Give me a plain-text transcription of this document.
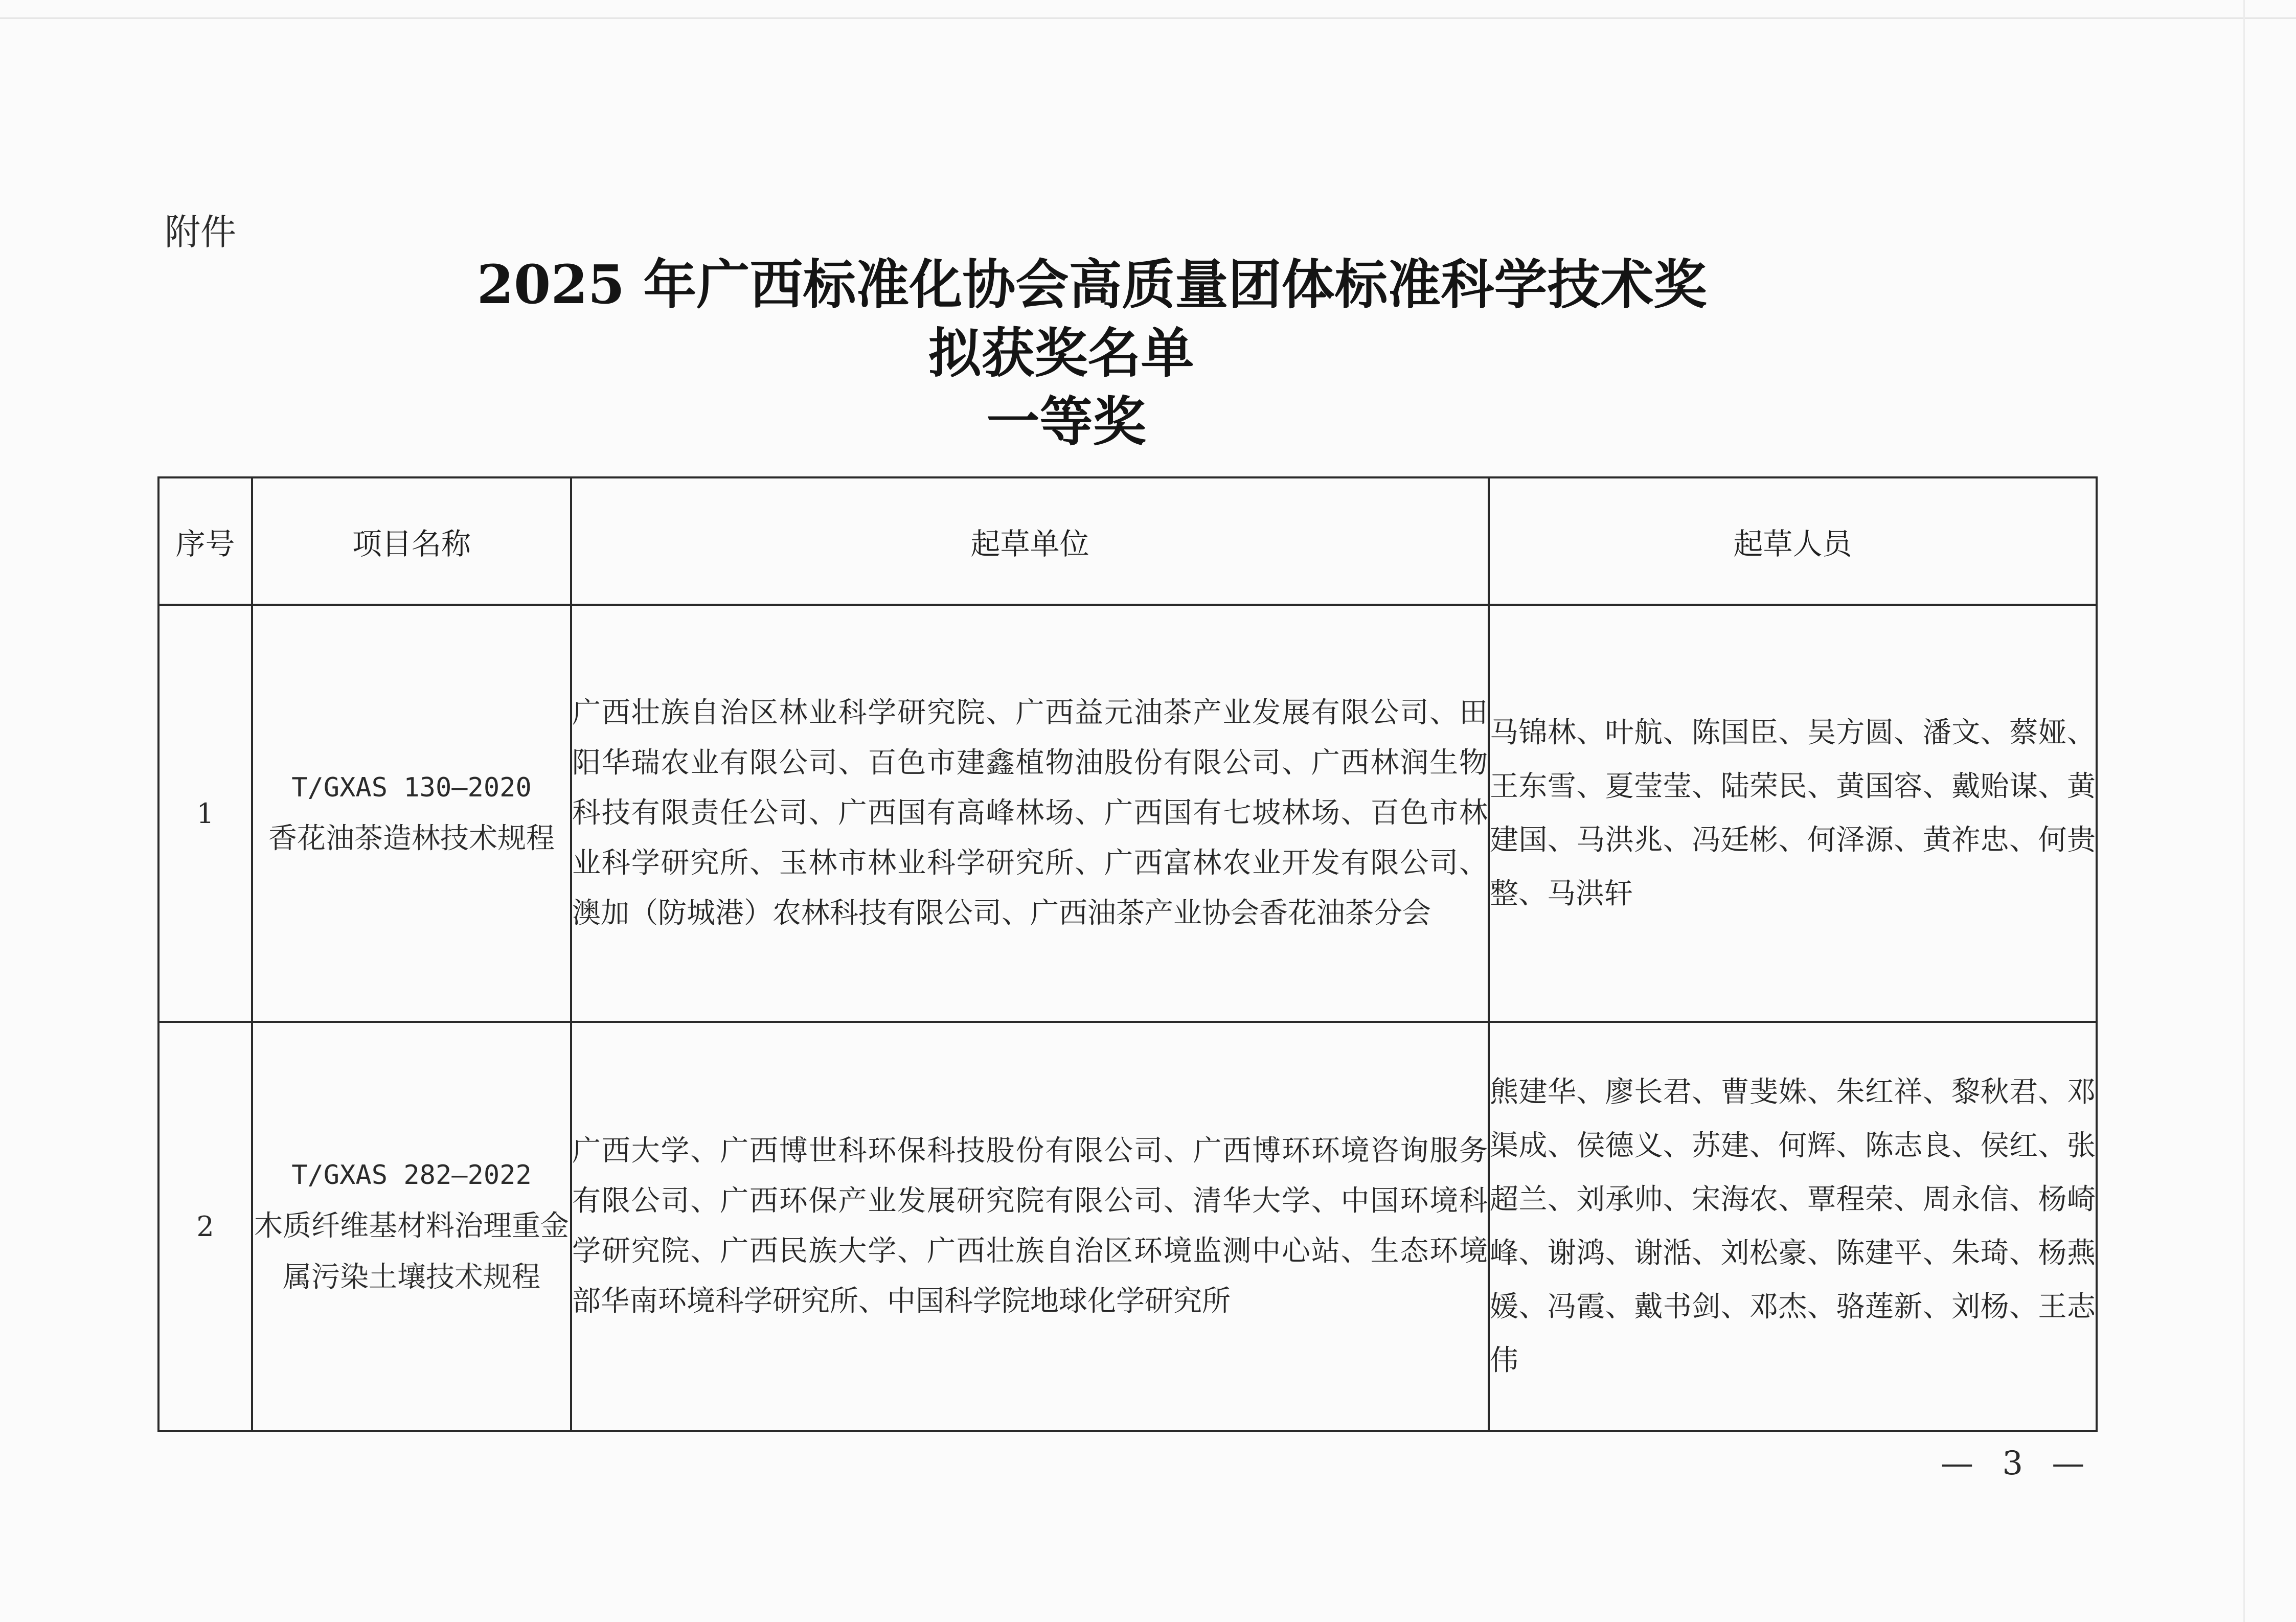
附件
2025 年广西标准化协会高质量团体标准科学技术奖
拟获奖名单
一等奖
序号	项目名称	起草单位	起草人员
1	T/GXAS 130—2020
香花油茶造林技术规程	广西壮族自治区林业科学研究院、广西益元油茶产业发展有限公司、田阳华瑞农业有限公司、百色市建鑫植物油股份有限公司、广西林润生物科技有限责任公司、广西国有高峰林场、广西国有七坡林场、百色市林业科学研究所、玉林市林业科学研究所、广西富林农业开发有限公司、澳加（防城港）农林科技有限公司、广西油茶产业协会香花油茶分会	马锦林、叶航、陈国臣、吴方圆、潘文、蔡娅、王东雪、夏莹莹、陆荣民、黄国容、戴贻谋、黄建国、马洪兆、冯廷彬、何泽源、黄祚忠、何贵整、马洪轩
2	T/GXAS 282—2022
木质纤维基材料治理重金属污染土壤技术规程	广西大学、广西博世科环保科技股份有限公司、广西博环环境咨询服务有限公司、广西环保产业发展研究院有限公司、清华大学、中国环境科学研究院、广西民族大学、广西壮族自治区环境监测中心站、生态环境部华南环境科学研究所、中国科学院地球化学研究所	熊建华、廖长君、曹斐姝、朱红祥、黎秋君、邓渠成、侯德义、苏建、何辉、陈志良、侯红、张超兰、刘承帅、宋海农、覃程荣、周永信、杨崎峰、谢鸿、谢湉、刘松豪、陈建平、朱琦、杨燕媛、冯霞、戴书剑、邓杰、骆莲新、刘杨、王志伟
— 3 —
